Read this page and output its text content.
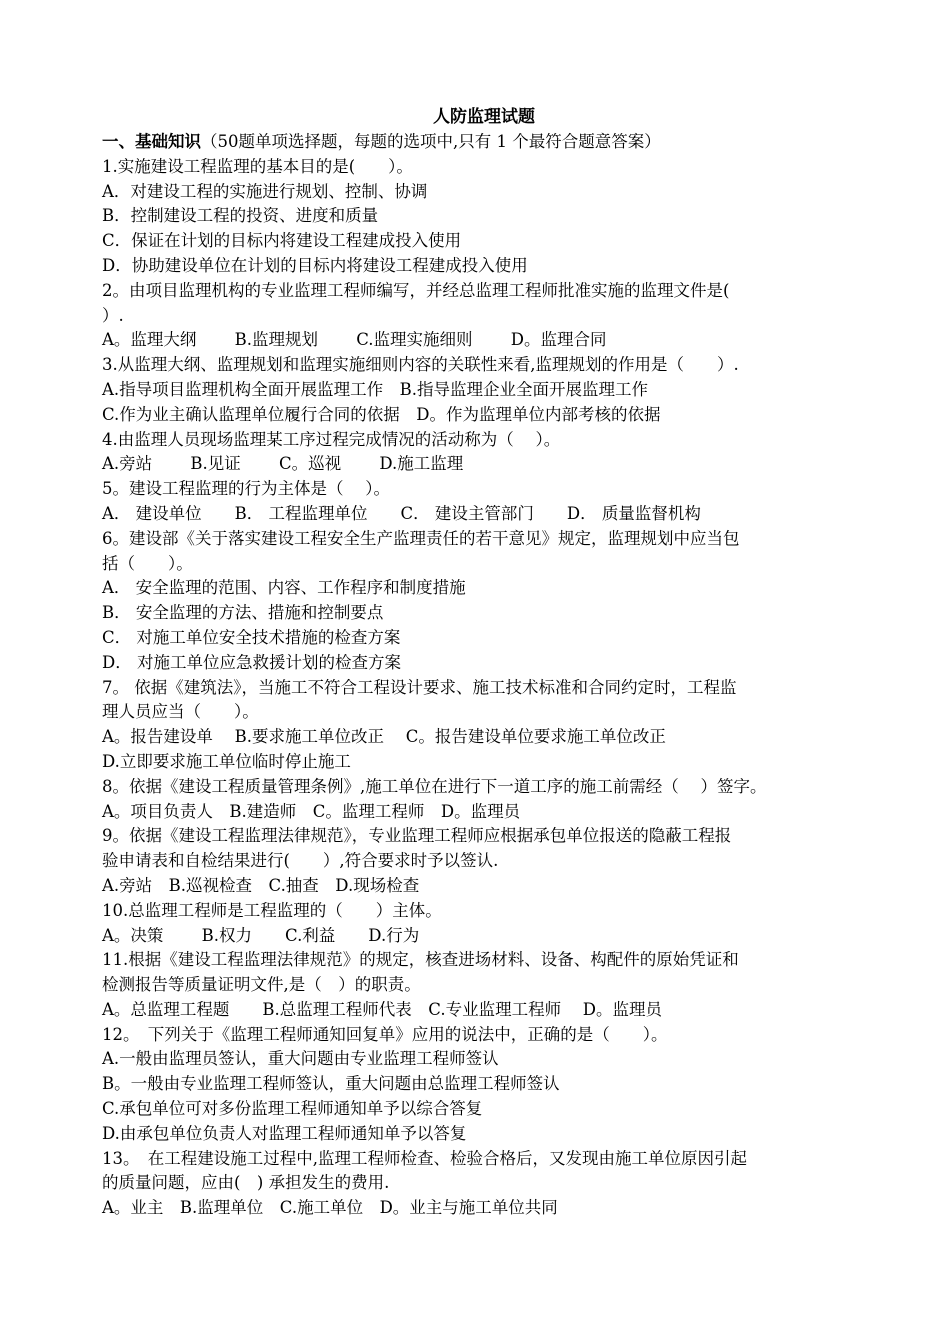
人防监理试题
一、基础知识（50题单项选择题，每题的选项中,只有 1 个最符合题意答案）
1.实施建设工程监理的基本目的是(　　）。
A．对建设工程的实施进行规划、控制、协调
B．控制建设工程的投资、进度和质量
C．保证在计划的目标内将建设工程建成投入使用
D．协助建设单位在计划的目标内将建设工程建成投入使用
2。由项目监理机构的专业监理工程师编写，并经总监理工程师批准实施的监理文件是(
）.
A。监理大纲　　 B.监理规划　　 C.监理实施细则　　 D。监理合同
3.从监理大纲、监理规划和监理实施细则内容的关联性来看,监理规划的作用是（　　）.
A.指导项目监理机构全面开展监理工作　B.指导监理企业全面开展监理工作
C.作为业主确认监理单位履行合同的依据　D。作为监理单位内部考核的依据
4.由监理人员现场监理某工序过程完成情况的活动称为（　 ）。
A.旁站　　 B.见证　　 C。巡视　　 D.施工监理
5。建设工程监理的行为主体是（　 ）。
A． 建设单位　　B． 工程监理单位　　C． 建设主管部门　　D． 质量监督机构
6。建设部《关于落实建设工程安全生产监理责任的若干意见》规定，监理规划中应当包
括（　　）。
A． 安全监理的范围、内容、工作程序和制度措施
B． 安全监理的方法、措施和控制要点
C． 对施工单位安全技术措施的检查方案
D． 对施工单位应急救援计划的检查方案
7。 依据《建筑法》，当施工不符合工程设计要求、施工技术标准和合同约定时，工程监
理人员应当（　　）。
A。报告建设单　 B.要求施工单位改正　 C。报告建设单位要求施工单位改正
D.立即要求施工单位临时停止施工
8。依据《建设工程质量管理条例》,施工单位在进行下一道工序的施工前需经（　 ）签字。
A。项目负责人　B.建造师　C。监理工程师　D。监理员
9。依据《建设工程监理法律规范》，专业监理工程师应根据承包单位报送的隐蔽工程报
验申请表和自检结果进行(　　）,符合要求时予以签认.
A.旁站　B.巡视检查　C.抽查　D.现场检查
10.总监理工程师是工程监理的（　　）主体。
A。决策　　 B.权力　　C.利益　　D.行为
11.根据《建设工程监理法律规范》的规定，核查进场材料、设备、构配件的原始凭证和
检测报告等质量证明文件,是（　）的职责。
A。总监理工程题　　B.总监理工程师代表　C.专业监理工程师　 D。监理员
12。　下列关于《监理工程师通知回复单》应用的说法中，正确的是（　　）。
A.一般由监理员签认，重大问题由专业监理工程师签认
B。一般由专业监理工程师签认，重大问题由总监理工程师签认
C.承包单位可对多份监理工程师通知单予以综合答复
D.由承包单位负责人对监理工程师通知单予以答复
13。　在工程建设施工过程中,监理工程师检查、检验合格后，又发现由施工单位原因引起
的质量问题，应由(　) 承担发生的费用.
A。业主　B.监理单位　C.施工单位　D。业主与施工单位共同
